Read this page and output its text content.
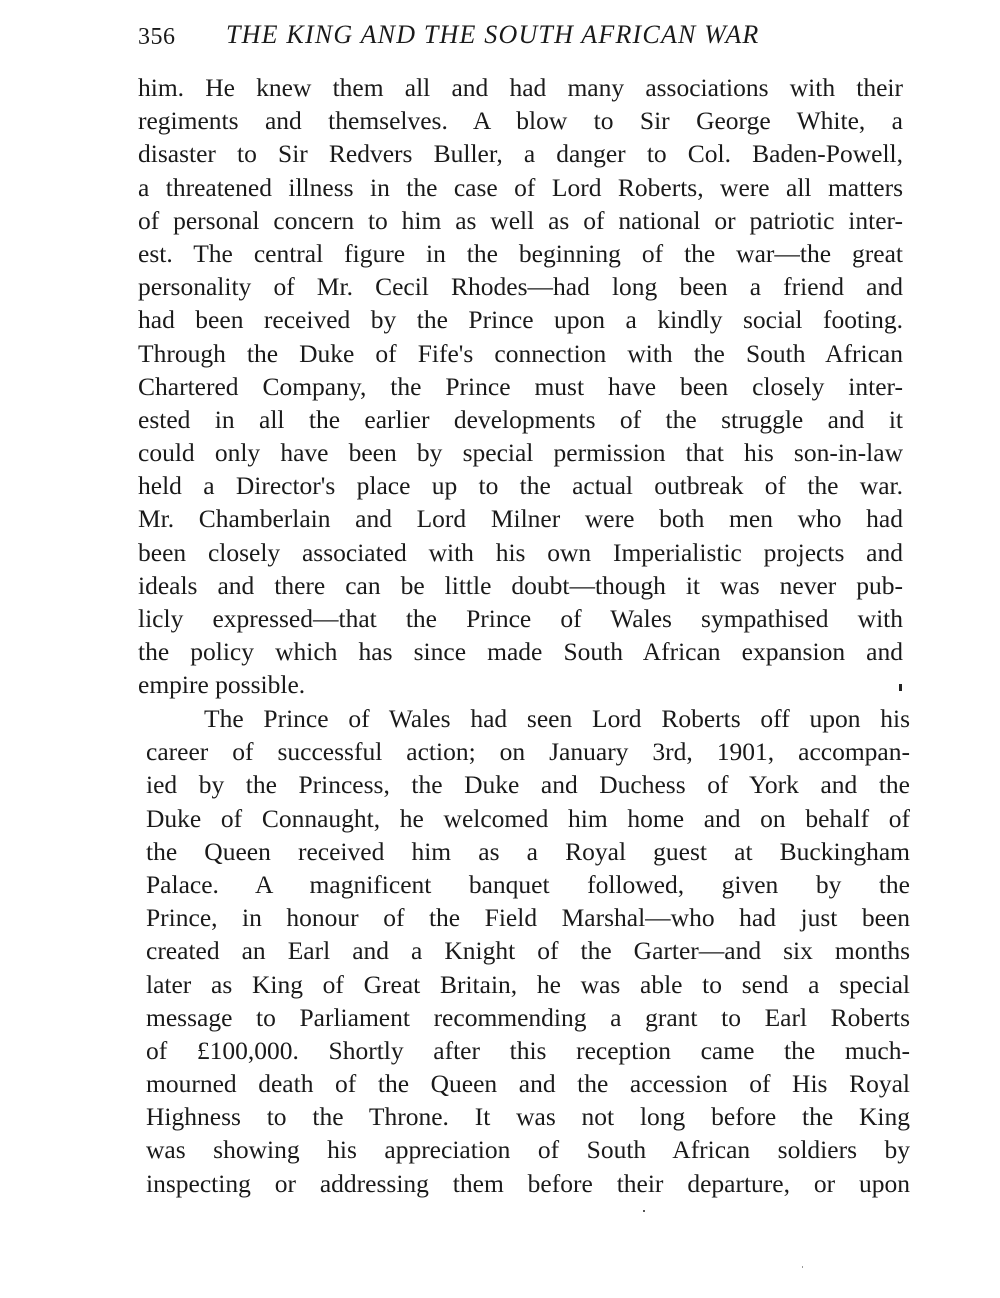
356 THE KING AND THE SOUTH AFRICAN WAR
him. He knew them all and had many associations with their
regiments and themselves. A blow to Sir George White, a
disaster to Sir Redvers Buller, a danger to Col. Baden-Powell,
a threatened illness in the case of Lord Roberts, were all matters
of personal concern to him as well as of national or patriotic inter-
est. The central figure in the beginning of the war—the great
personality of Mr. Cecil Rhodes—had long been a friend and
had been received by the Prince upon a kindly social footing.
Through the Duke of Fife's connection with the South African
Chartered Company, the Prince must have been closely inter-
ested in all the earlier developments of the struggle and it
could only have been by special permission that his son-in-law
held a Director's place up to the actual outbreak of the war.
Mr. Chamberlain and Lord Milner were both men who had
been closely associated with his own Imperialistic projects and
ideals and there can be little doubt—though it was never pub-
licly expressed—that the Prince of Wales sympathised with
the policy which has since made South African expansion and
empire possible.
The Prince of Wales had seen Lord Roberts off upon his
career of successful action; on January 3rd, 1901, accompan-
ied by the Princess, the Duke and Duchess of York and the
Duke of Connaught, he welcomed him home and on behalf of
the Queen received him as a Royal guest at Buckingham
Palace. A magnificent banquet followed, given by the
Prince, in honour of the Field Marshal—who had just been
created an Earl and a Knight of the Garter—and six months
later as King of Great Britain, he was able to send a special
message to Parliament recommending a grant to Earl Roberts
of £100,000. Shortly after this reception came the much-
mourned death of the Queen and the accession of His Royal
Highness to the Throne. It was not long before the King
was showing his appreciation of South African soldiers by
inspecting or addressing them before their departure, or upon
